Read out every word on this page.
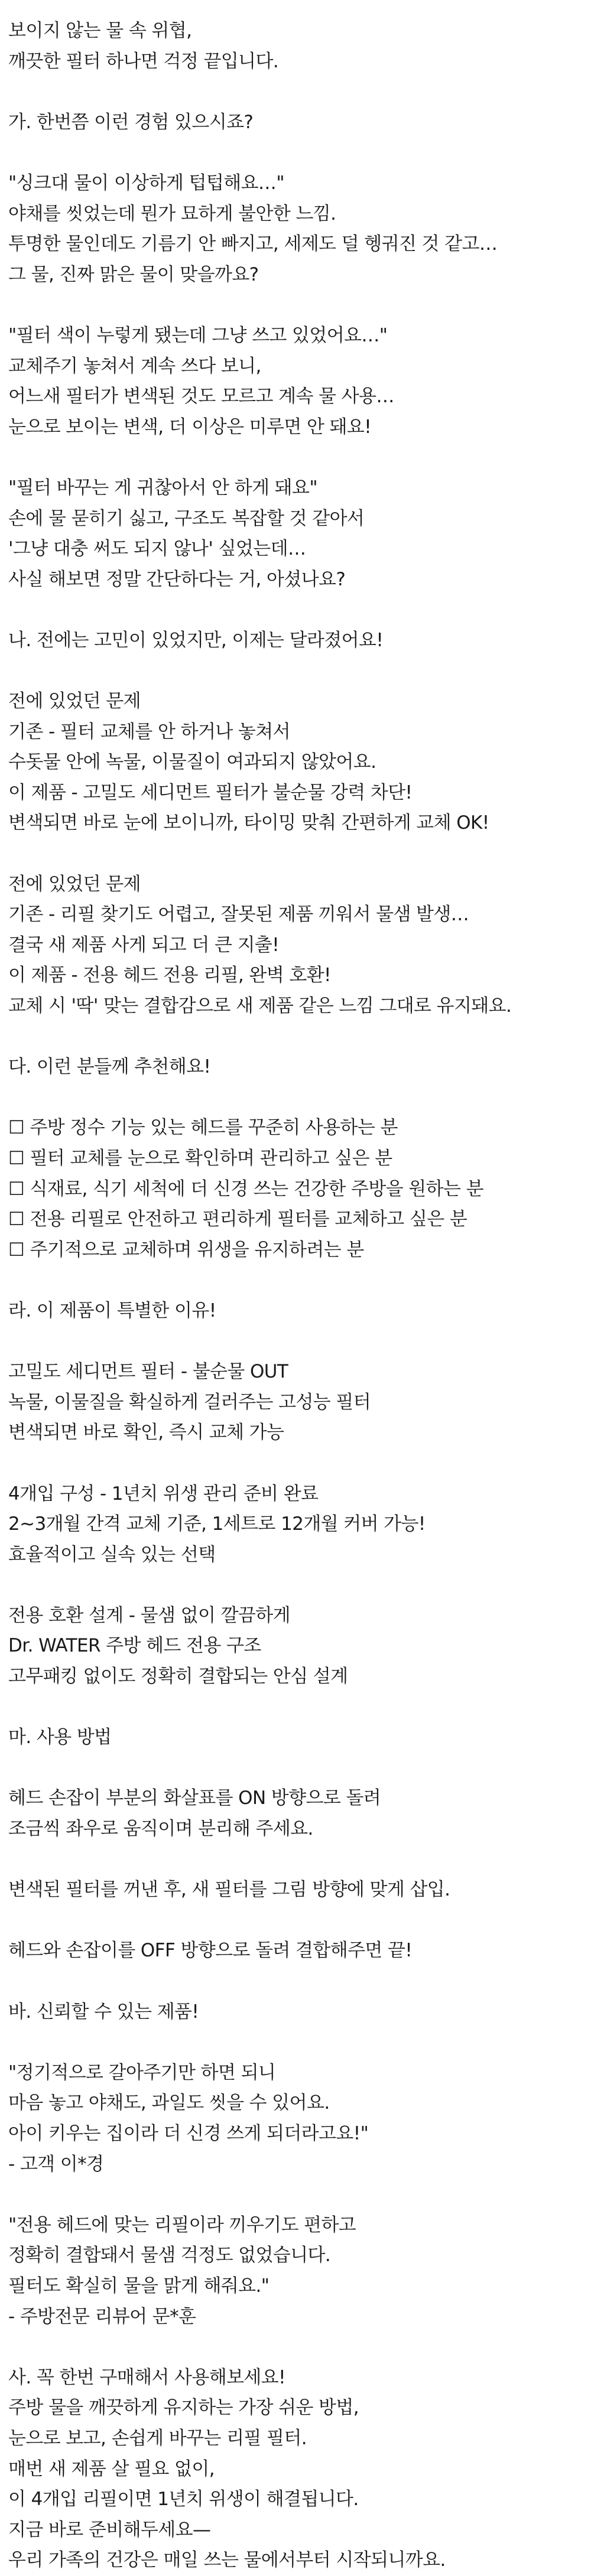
보이지 않는 물 속 위협,
깨끗한 필터 하나면 걱정 끝입니다.
가. 한번쯤 이런 경험 있으시죠?
"싱크대 물이 이상하게 텁텁해요…"
야채를 씻었는데 뭔가 묘하게 불안한 느낌.
투명한 물인데도 기름기 안 빠지고, 세제도 덜 헹궈진 것 같고…
그 물, 진짜 맑은 물이 맞을까요?
"필터 색이 누렇게 됐는데 그냥 쓰고 있었어요…"
교체주기 놓쳐서 계속 쓰다 보니,
어느새 필터가 변색된 것도 모르고 계속 물 사용…
눈으로 보이는 변색, 더 이상은 미루면 안 돼요!
"필터 바꾸는 게 귀찮아서 안 하게 돼요"
손에 물 묻히기 싫고, 구조도 복잡할 것 같아서
'그냥 대충 써도 되지 않나' 싶었는데…
사실 해보면 정말 간단하다는 거, 아셨나요?
나. 전에는 고민이 있었지만, 이제는 달라졌어요!
전에 있었던 문제
기존 - 필터 교체를 안 하거나 놓쳐서
수돗물 안에 녹물, 이물질이 여과되지 않았어요.
이 제품 - 고밀도 세디먼트 필터가 불순물 강력 차단!
변색되면 바로 눈에 보이니까, 타이밍 맞춰 간편하게 교체 OK!
전에 있었던 문제
기존 - 리필 찾기도 어렵고, 잘못된 제품 끼워서 물샘 발생…
결국 새 제품 사게 되고 더 큰 지출!
이 제품 - 전용 헤드 전용 리필, 완벽 호환!
교체 시 '딱' 맞는 결합감으로 새 제품 같은 느낌 그대로 유지돼요.
다. 이런 분들께 추천해요!
☐ 주방 정수 기능 있는 헤드를 꾸준히 사용하는 분
☐ 필터 교체를 눈으로 확인하며 관리하고 싶은 분
☐ 식재료, 식기 세척에 더 신경 쓰는 건강한 주방을 원하는 분
☐ 전용 리필로 안전하고 편리하게 필터를 교체하고 싶은 분
☐ 주기적으로 교체하며 위생을 유지하려는 분
라. 이 제품이 특별한 이유!
고밀도 세디먼트 필터 - 불순물 OUT
녹물, 이물질을 확실하게 걸러주는 고성능 필터
변색되면 바로 확인, 즉시 교체 가능
4개입 구성 - 1년치 위생 관리 준비 완료
2~3개월 간격 교체 기준, 1세트로 12개월 커버 가능!
효율적이고 실속 있는 선택
전용 호환 설계 - 물샘 없이 깔끔하게
Dr. WATER 주방 헤드 전용 구조
고무패킹 없이도 정확히 결합되는 안심 설계
마. 사용 방법
헤드 손잡이 부분의 화살표를 ON 방향으로 돌려
조금씩 좌우로 움직이며 분리해 주세요.
변색된 필터를 꺼낸 후, 새 필터를 그림 방향에 맞게 삽입.
헤드와 손잡이를 OFF 방향으로 돌려 결합해주면 끝!
바. 신뢰할 수 있는 제품!
"정기적으로 갈아주기만 하면 되니
마음 놓고 야채도, 과일도 씻을 수 있어요.
아이 키우는 집이라 더 신경 쓰게 되더라고요!"
- 고객 이*경
"전용 헤드에 맞는 리필이라 끼우기도 편하고
정확히 결합돼서 물샘 걱정도 없었습니다.
필터도 확실히 물을 맑게 해줘요."
- 주방전문 리뷰어 문*훈
사. 꼭 한번 구매해서 사용해보세요!
주방 물을 깨끗하게 유지하는 가장 쉬운 방법,
눈으로 보고, 손쉽게 바꾸는 리필 필터.
매번 새 제품 살 필요 없이,
이 4개입 리필이면 1년치 위생이 해결됩니다.
지금 바로 준비해두세요—
우리 가족의 건강은 매일 쓰는 물에서부터 시작되니까요.
